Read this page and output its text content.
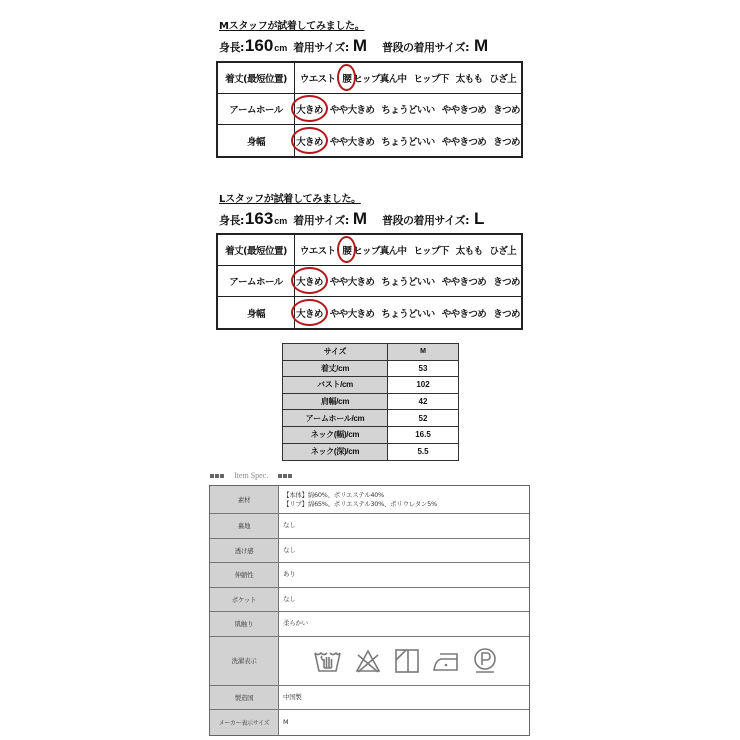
Mスタッフが試着してみました。
身長: 160 cm 着用サイズ: M 普段の着用サイズ: M
着丈(最短位置)	ウエスト 腰 ヒップ真ん中 ヒップ下 太もも ひざ上
アームホール	大きめ やや大きめ ちょうどいい ややきつめ きつめ
身幅	大きめ やや大きめ ちょうどいい ややきつめ きつめ
Lスタッフが試着してみました。
身長: 163 cm 着用サイズ: M 普段の着用サイズ: L
着丈(最短位置)	ウエスト 腰 ヒップ真ん中 ヒップ下 太もも ひざ上
アームホール	大きめ やや大きめ ちょうどいい ややきつめ きつめ
身幅	大きめ やや大きめ ちょうどいい ややきつめ きつめ
サイズ	M
着丈/cm	53
バスト/cm	102
肩幅/cm	42
アームホール/cm	52
ネック(幅)/cm	16.5
ネック(深)/cm	5.5
Item Spec.
素材
【本体】綿60%、ポリエステル40%
【リブ】綿65%、ポリエステル30%、ポリウレタン5%
裏地	なし
透け感	なし
伸縮性	あり
ポケット	なし
肌触り	柔らかい
洗濯表示
製造国	中国製
メーカー表示サイズ	M
